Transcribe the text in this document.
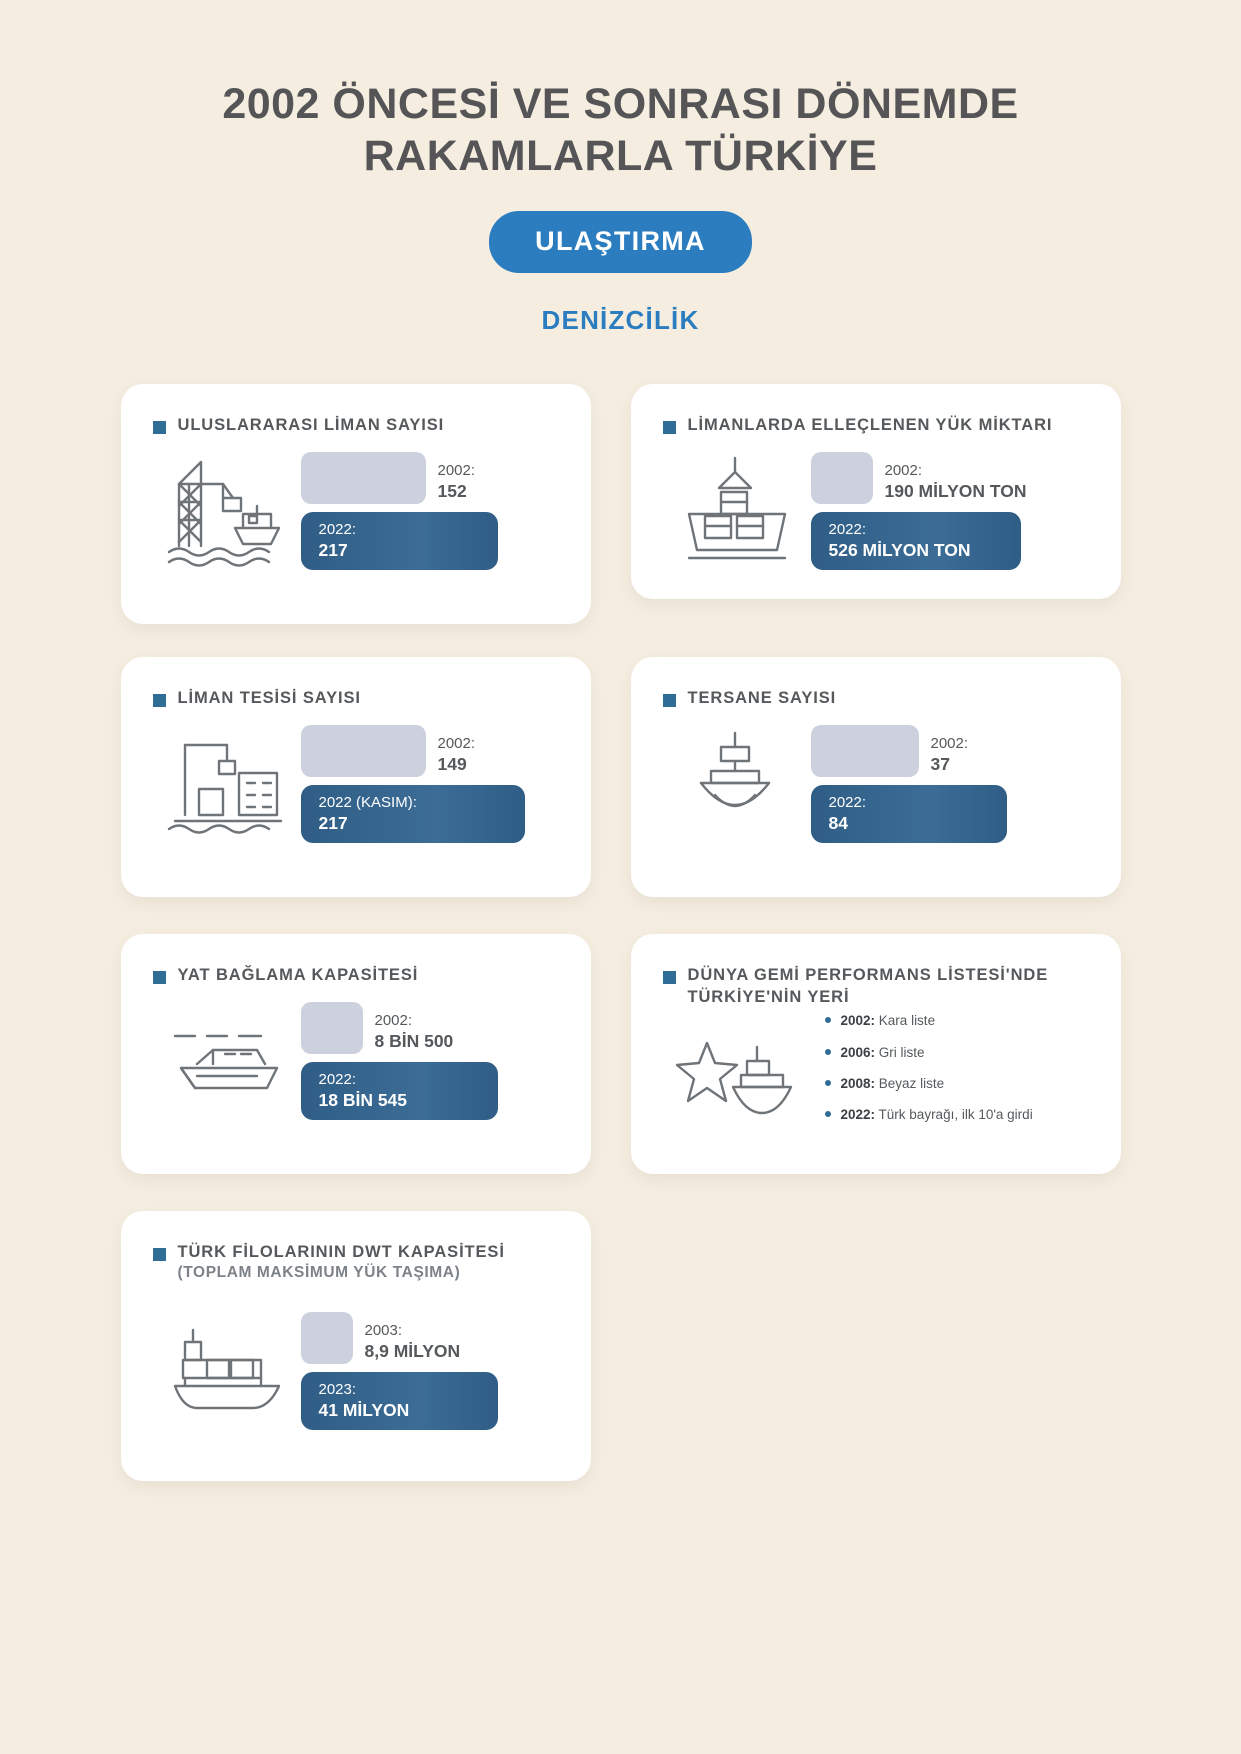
2002 ÖNCESİ VE SONRASI DÖNEMDE RAKAMLARLA TÜRKİYE
ULAŞTIRMA
DENİZCİLİK
ULUSLARARASI LİMAN SAYISI
2002:
152
2022:
217
LİMANLARDA ELLEÇLENEN YÜK MİKTARI
2002:
190 MİLYON TON
2022:
526 MİLYON TON
LİMAN TESİSİ SAYISI
2002:
149
2022 (KASIM):
217
TERSANE SAYISI
2002:
37
2022:
84
YAT BAĞLAMA KAPASİTESİ
2002:
8 BİN 500
2022:
18 BİN 545
DÜNYA GEMİ PERFORMANS LİSTESİ'NDE TÜRKİYE'NİN YERİ
2002: Kara liste
2006: Gri liste
2008: Beyaz liste
2022: Türk bayrağı, ilk 10'a girdi
TÜRK FİLOLARININ DWT KAPASİTESİ
(TOPLAM MAKSİMUM YÜK TAŞIMA)
2003:
8,9 MİLYON
2023:
41 MİLYON
